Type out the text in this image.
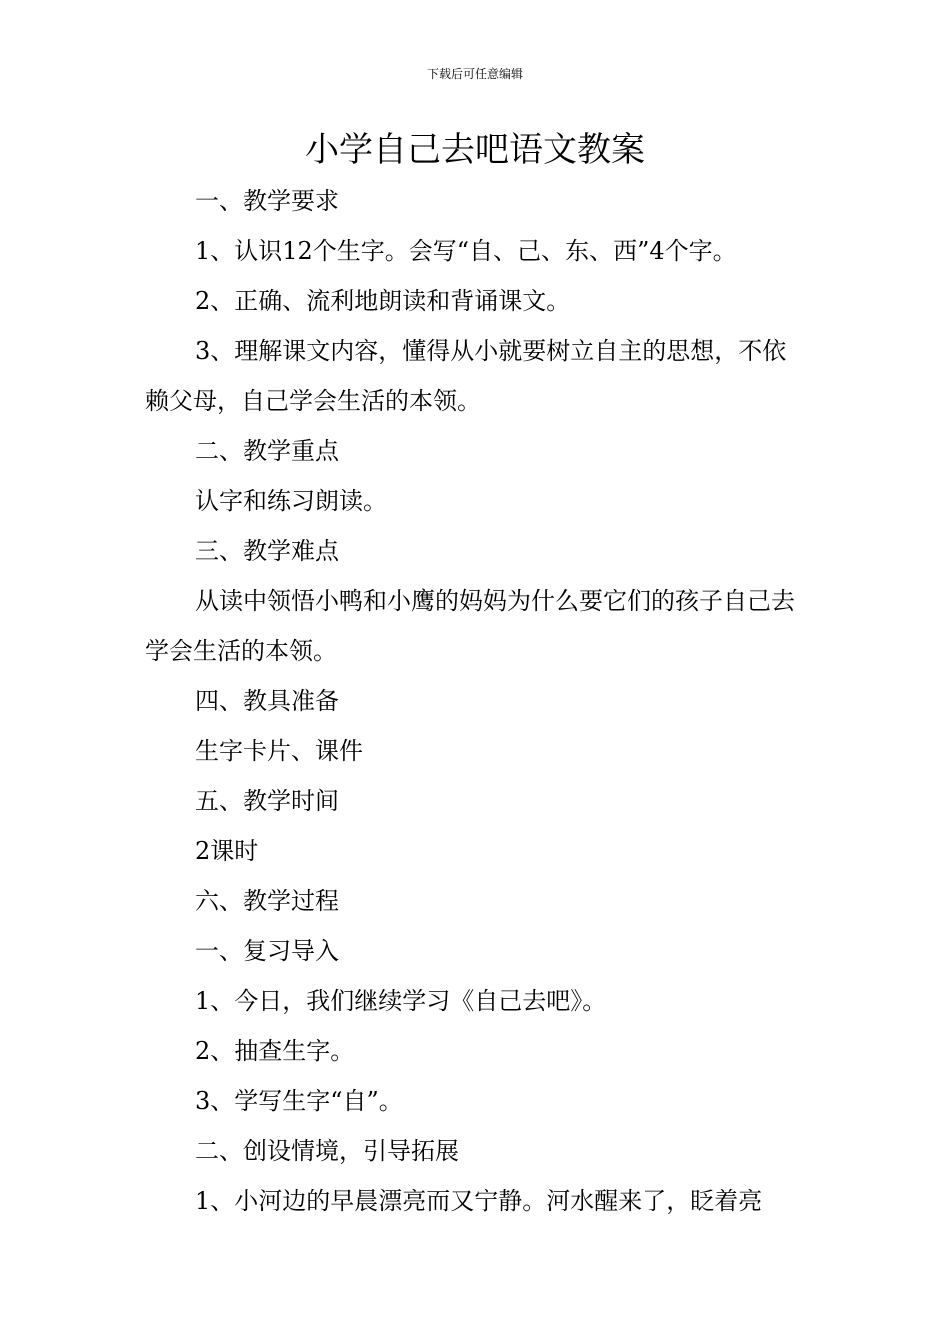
下载后可任意编辑
小学自己去吧语文教案

一、教学要求

1、认识12个生字。会写“自、己、东、西”4个字。

2、正确、流利地朗读和背诵课文。

3、理解课文内容，懂得从小就要树立自主的思想，不依赖父母，自己学会生活的本领。

二、教学重点

认字和练习朗读。

三、教学难点

从读中领悟小鸭和小鹰的妈妈为什么要它们的孩子自己去学会生活的本领。

四、教具准备

生字卡片、课件

五、教学时间

2课时

六、教学过程

一、复习导入

1、今日，我们继续学习《自己去吧》。

2、抽查生字。

3、学写生字“自”。

二、创设情境，引导拓展

1、小河边的早晨漂亮而又宁静。河水醒来了，眨着亮
